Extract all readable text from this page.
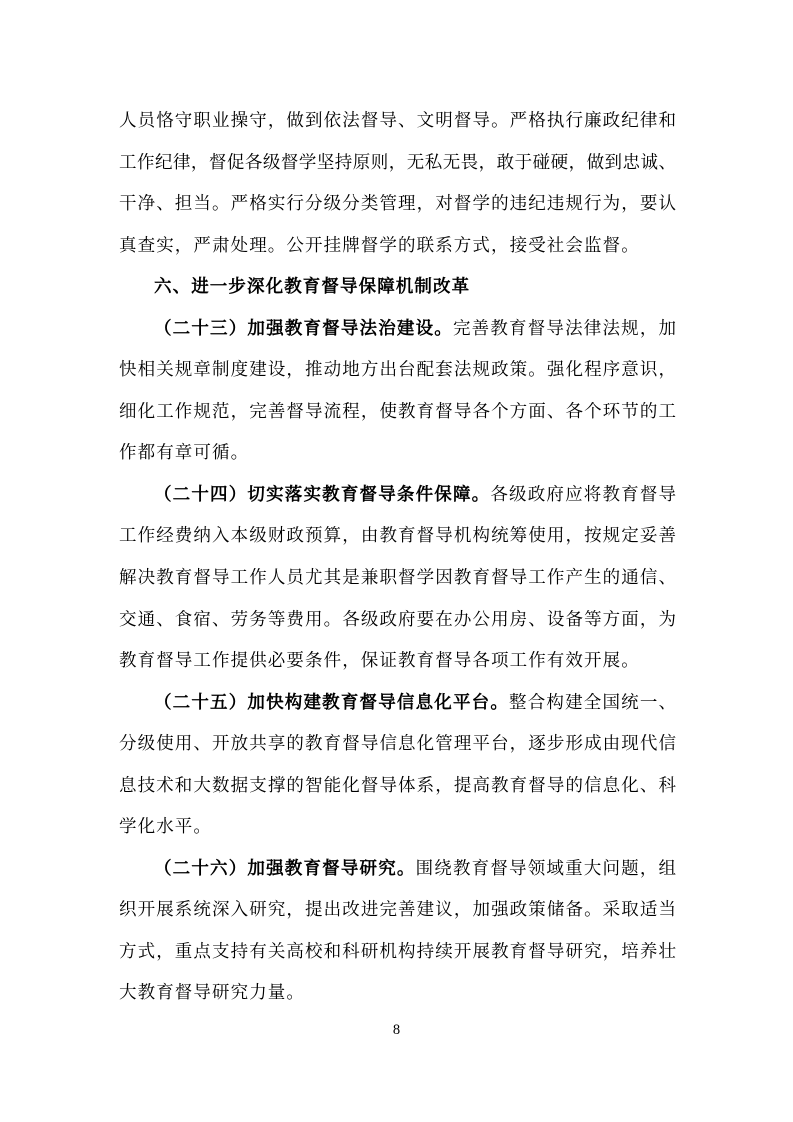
人员恪守职业操守，做到依法督导、文明督导。严格执行廉政纪律和
工作纪律，督促各级督学坚持原则，无私无畏，敢于碰硬，做到忠诚、
干净、担当。严格实行分级分类管理，对督学的违纪违规行为，要认
真查实，严肃处理。公开挂牌督学的联系方式，接受社会监督。
六、进一步深化教育督导保障机制改革
（二十三）加强教育督导法治建设。完善教育督导法律法规，加
快相关规章制度建设，推动地方出台配套法规政策。强化程序意识，
细化工作规范，完善督导流程，使教育督导各个方面、各个环节的工
作都有章可循。
（二十四）切实落实教育督导条件保障。各级政府应将教育督导
工作经费纳入本级财政预算，由教育督导机构统筹使用，按规定妥善
解决教育督导工作人员尤其是兼职督学因教育督导工作产生的通信、
交通、食宿、劳务等费用。各级政府要在办公用房、设备等方面，为
教育督导工作提供必要条件，保证教育督导各项工作有效开展。
（二十五）加快构建教育督导信息化平台。整合构建全国统一、
分级使用、开放共享的教育督导信息化管理平台，逐步形成由现代信
息技术和大数据支撑的智能化督导体系，提高教育督导的信息化、科
学化水平。
（二十六）加强教育督导研究。围绕教育督导领域重大问题，组
织开展系统深入研究，提出改进完善建议，加强政策储备。采取适当
方式，重点支持有关高校和科研机构持续开展教育督导研究，培养壮
大教育督导研究力量。
8
